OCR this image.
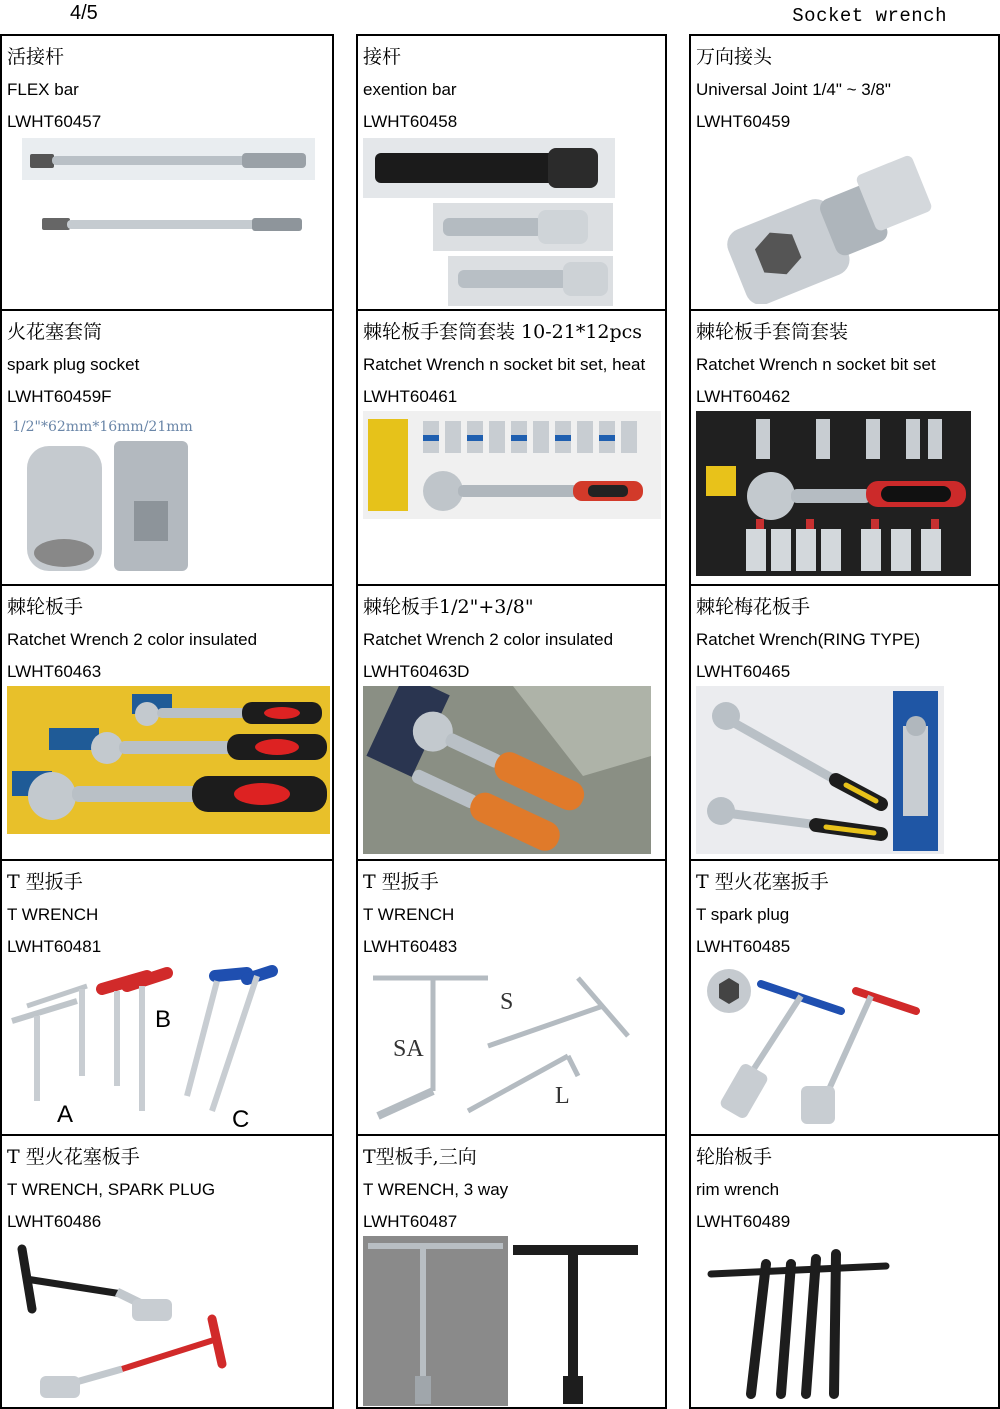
4/5	Socket wrench
活接杆
FLEX bar
LWHT60457
接杆
exention bar
LWHT60458
万向接头
Universal Joint 1/4" ~ 3/8"
LWHT60459
火花塞套筒
spark plug socket
LWHT60459F
1/2"*62mm*16mm/21mm
棘轮板手套筒套装 10-21*12pcs
Ratchet Wrench n socket bit set, heat
LWHT60461
棘轮板手套筒套装
Ratchet Wrench n socket bit set
LWHT60462
棘轮板手
Ratchet Wrench 2 color insulated
LWHT60463
棘轮板手1/2"+3/8"
Ratchet Wrench 2 color insulated
LWHT60463D
棘轮梅花板手
Ratchet Wrench(RING TYPE)
LWHT60465
T 型扳手
T WRENCH
LWHT60481
A
B
C
T 型扳手
T WRENCH
LWHT60483
SA
S
L
T 型火花塞扳手
T spark plug
LWHT60485
T 型火花塞板手
T WRENCH, SPARK PLUG
LWHT60486
T型板手,三向
T WRENCH, 3 way
LWHT60487
轮胎板手
rim wrench
LWHT60489
